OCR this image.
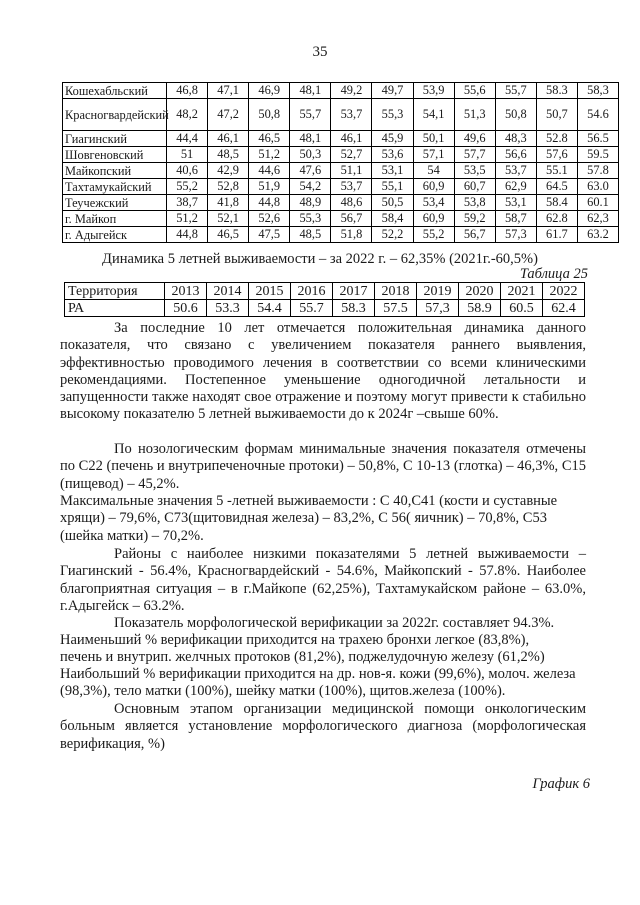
35
Кошехабльский	46,8	47,1	46,9	48,1	49,2	49,7	53,9	55,6	55,7	58.3	58,3
Красногвардейский	48,2	47,2	50,8	55,7	53,7	55,3	54,1	51,3	50,8	50,7	54.6
Гиагинский	44,4	46,1	46,5	48,1	46,1	45,9	50,1	49,6	48,3	52.8	56.5
Шовгеновский	51	48,5	51,2	50,3	52,7	53,6	57,1	57,7	56,6	57,6	59.5
Майкопский	40,6	42,9	44,6	47,6	51,1	53,1	54	53,5	53,7	55.1	57.8
Тахтамукайский	55,2	52,8	51,9	54,2	53,7	55,1	60,9	60,7	62,9	64.5	63.0
Теучежский	38,7	41,8	44,8	48,9	48,6	50,5	53,4	53,8	53,1	58.4	60.1
г. Майкоп	51,2	52,1	52,6	55,3	56,7	58,4	60,9	59,2	58,7	62.8	62,3
г. Адыгейск	44,8	46,5	47,5	48,5	51,8	52,2	55,2	56,7	57,3	61.7	63.2
Динамика 5 летней выживаемости – за 2022 г. – 62,35% (2021г.-60,5%)
Таблица 25
Территория	2013	2014	2015	2016	2017	2018	2019	2020	2021	2022
РА	50.6	53.3	54.4	55.7	58.3	57.5	57,3	58.9	60.5	62.4

За последние 10 лет отмечается положительная динамика данного показателя, что связано с увеличением показателя раннего выявления, эффективностью проводимого лечения в соответствии со всеми клиническими рекомендациями. Постепенное уменьшение одногодичной летальности и запущенности также находят свое отражение и поэтому могут привести к стабильно высокому показателю 5 летней выживаемости до к 2024г –свыше 60%.

По нозологическим формам минимальные значения показателя отмечены по С22 (печень и внутрипеченочные протоки) – 50,8%, С 10-13 (глотка) – 46,3%, С15 (пищевод) – 45,2%.

Максимальные значения 5 -летней выживаемости : С 40,С41 (кости и суставные хрящи) – 79,6%, С73(щитовидная железа) – 83,2%, С 56( яичник) – 70,8%, С53 (шейка матки) – 70,2%.

Районы с наиболее низкими показателями 5 летней выживаемости – Гиагинский - 56.4%, Красногвардейский - 54.6%, Майкопский - 57.8%. Наиболее благоприятная ситуация – в г.Майкопе (62,25%), Тахтамукайском районе – 63.0%, г.Адыгейск – 63.2%.

Показатель морфологической верификации за 2022г. составляет 94.3%.

Наименьший % верификации приходится на трахею бронхи легкое (83,8%),

печень и внутрип. желчных протоков (81,2%), поджелудочную железу (61,2%)

Наибольший % верификации приходится на др. нов-я. кожи (99,6%), молоч. железа (98,3%), тело матки (100%), шейку матки (100%), щитов.железа (100%).

Основным этапом организации медицинской помощи онкологическим больным является установление морфологического диагноза (морфологическая верификация, %)

График 6
